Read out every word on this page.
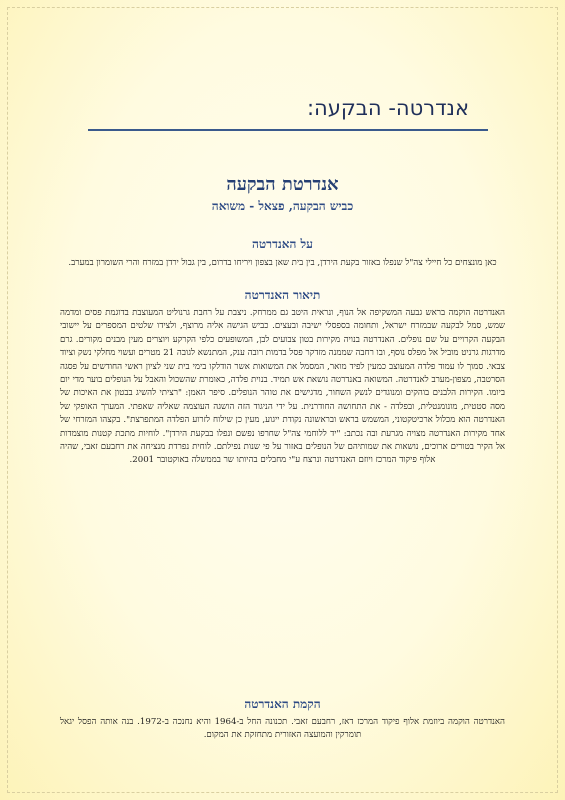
אנדרטה- הבקעה:
אנדרטת הבקעה
כביש הבקעה, פצאל - משואה
על האנדרטה

כאן מונצחים כל חיילי צה"ל שנפלו באזור בקעת הירדן, בין בית שאן בצפון ויריחו בדרום, בין גבול ירדן במזרח והרי השומרון במערב.

תיאור האנדרטה

האנדרטה הוקמה בראש גבעה המשקיפה אל הנוף, ונראית היטב גם ממרחק. ניצבת על רחבת גרנוליט המעוצבת בדוגמת פסים ומדמה שמש, סמל לבקעה שבמזרח ישראל, ותחומה בספסלי ישיבה ובעצים. כביש הגישה אליה מרוצף, ולצידו שלטים המספרים על יישובי הבקעה הקרויים על שם נופלים. האנדרטה בנויה מקירות בטון צבועים לבן, המשופעים כלפי הקרקע ויוצרים מעין מבנים מקורים. גרם מדרגות גרניט מוביל אל מפלס נוסף, ובו רחבה שממנה מזדקר פסל בדמות רובה ענק, המתנשא לגובה 21 מטרים ועשוי מחלקי נשק וציוד צבאי. סמוך לו עמוד פלדה המעוצב כמעין לפיד מואר, המסמל את המשואות אשר הודלקו בימי בית שני לציון ראשי החודשים על פסגה הסרטבה, מצפון-מערב לאנדרטה. המשואה באנדרטה נושאת אש תמיד. בנוית פלדה, כאומרת שהשכול והאבל על הנופלים בוער מדי יום ביומו. הקירות הלבנים בוהקים ומנוגדים לנשק השחור, מדגישים את טוהר הנופלים. סיפר האמן: "רציתי להשיג בבטון את האיכות של מסה סטטית, מונומנטלית, ובפלדה - את התחושה החודרנית. על ידי הניגוד הזה הושגה העוצמה שאליה שאפתי. המערך האופקי של האנדרטה הוא מכלול ארכיטקטוני, המשמש בראש ובראשונה נקודת ייגוע, מעין כן שילוח לזרוע הפלדה המתפרצת". בקצהו המזרחי של אחד מקירות האנדרטה מצויה מגרעת ובה נכתב: "יד ללוחמי צה"ל שחרפו נפשם ונפלו בבקעת הירדן". לוחיות מתכת קטנות מוצמדות אל הקיר בטורים ארוכים, נושאות את שמותיהם של הנופלים באזור על פי שנות נפילתם. לוחית נפרדת מנציחה את רחבעם זאבי, שהיה אלוף פיקוד המרכז ויוזם האנדרטה ונרצח ע"י מחבלים בהיותו שר בממשלה באוקטובר 2001.

הקמת האנדרטה

האנדרטה הוקמה ביוזמת אלוף פיקוד המרכז דאז, רחבעם זאבי. תכנונה החל ב-1964 והיא נחנכה ב-1972. בנה אותה הפסל יגאל תומרקין והמועצה האזורית מתחזקת את המקום.
